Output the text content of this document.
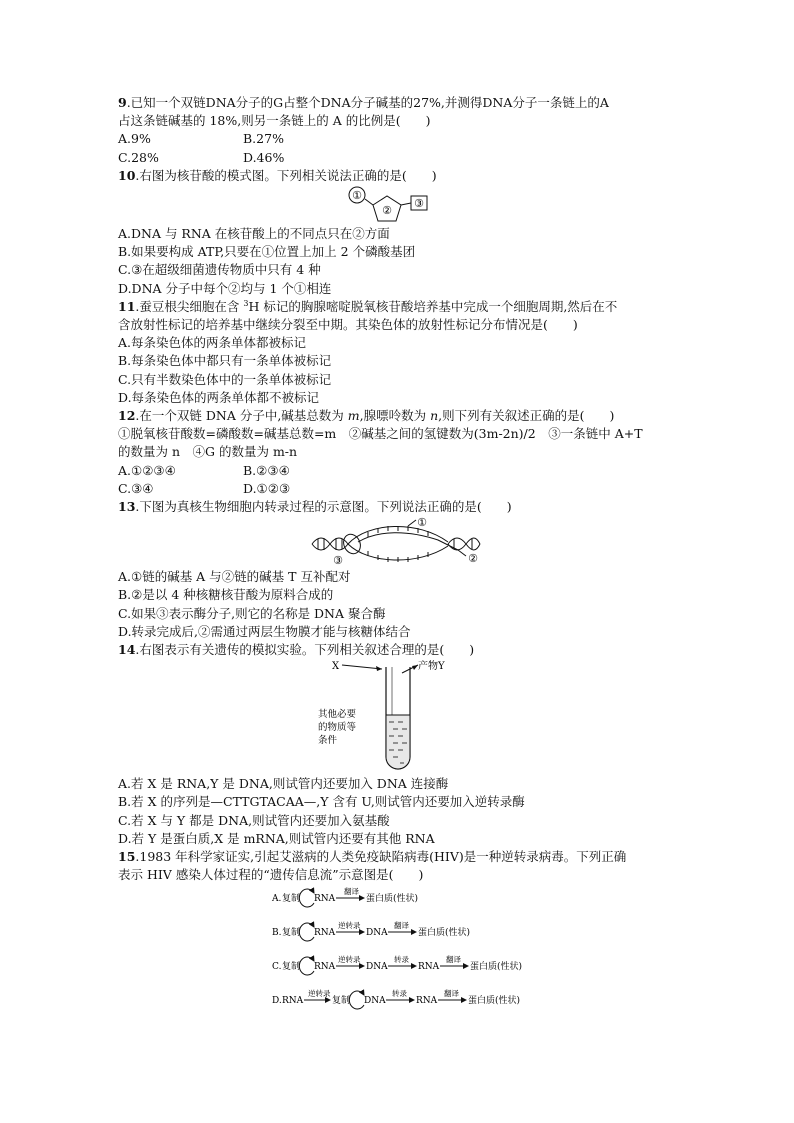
9.已知一个双链DNA分子的G占整个DNA分子碱基的27%,并测得DNA分子一条链上的A
占这条链碱基的 18%,则另一条链上的 A 的比例是(　　)
A.9%	B.27%
C.28%	D.46%
10.右图为核苷酸的模式图。下列相关说法正确的是(　　)
①
②
③
A.DNA 与 RNA 在核苷酸上的不同点只在②方面
B.如果要构成 ATP,只要在①位置上加上 2 个磷酸基团
C.③在超级细菌遗传物质中只有 4 种
D.DNA 分子中每个②均与 1 个①相连
11.蚕豆根尖细胞在含 $^3$H 标记的胸腺嘧啶脱氧核苷酸培养基中完成一个细胞周期,然后在不
含放射性标记的培养基中继续分裂至中期。其染色体的放射性标记分布情况是(　　)
A.每条染色体的两条单体都被标记
B.每条染色体中都只有一条单体被标记
C.只有半数染色体中的一条单体被标记
D.每条染色体的两条单体都不被标记
12.在一个双链 DNA 分子中,碱基总数为 m,腺嘌呤数为 n,则下列有关叙述正确的是(　　)
①脱氧核苷酸数=磷酸数=碱基总数=m　②碱基之间的氢键数为(3m-2n)/2　③一条链中 A+T
的数量为 n　④G 的数量为 m-n
A.①②③④	B.②③④
C.③④	D.①②③
13.下图为真核生物细胞内转录过程的示意图。下列说法正确的是(　　)
①
②
③
A.①链的碱基 A 与②链的碱基 T 互补配对
B.②是以 4 种核糖核苷酸为原料合成的
C.如果③表示酶分子,则它的名称是 DNA 聚合酶
D.转录完成后,②需通过两层生物膜才能与核糖体结合
14.右图表示有关遗传的模拟实验。下列相关叙述合理的是(　　)
X	产物Y
其他必要
的物质等
条件
A.若 X 是 RNA,Y 是 DNA,则试管内还要加入 DNA 连接酶
B.若 X 的序列是—CTTGTACAA—,Y 含有 U,则试管内还要加入逆转录酶
C.若 X 与 Y 都是 DNA,则试管内还要加入氨基酸
D.若 Y 是蛋白质,X 是 mRNA,则试管内还要有其他 RNA
15.1983 年科学家证实,引起艾滋病的人类免疫缺陷病毒(HIV)是一种逆转录病毒。下列正确
表示 HIV 感染人体过程的“遗传信息流”示意图是(　　)
A. 复制 RNA
翻译
蛋白质(性状)
B. 复制 RNA
逆转录
DNA
翻译
蛋白质(性状)
C. 复制 RNA
逆转录
DNA
转录
RNA
翻译
蛋白质(性状)
D. RNA
逆转录
复制 DNA
转录
RNA
翻译
蛋白质(性状)
